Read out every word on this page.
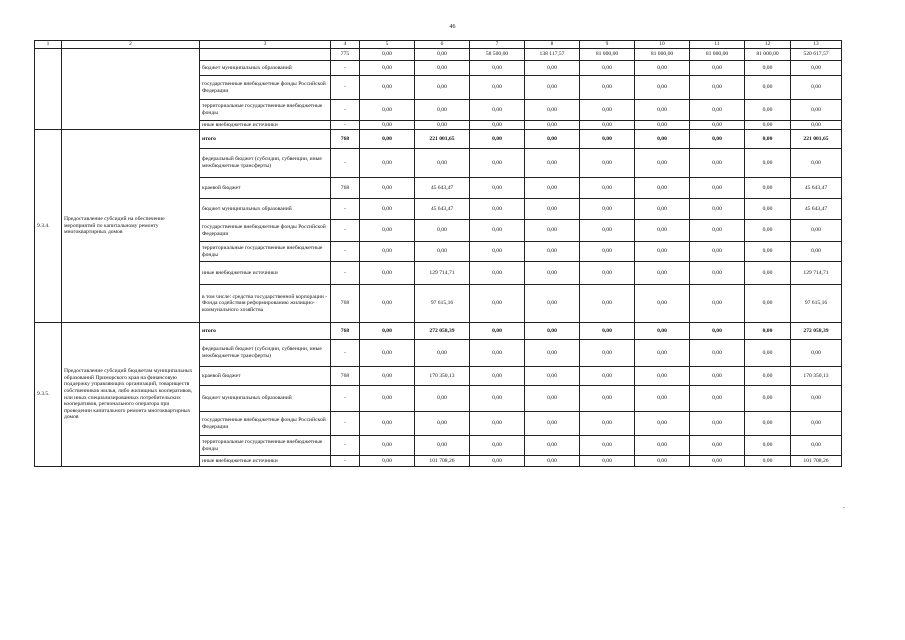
46
1	2	3	4	5	6	7	8	9	10	11	12	13
			775	0,00	0,00	58 500,00	138 117,57	81 000,00	81 000,00	81 000,00	81 000,00	520 617,57
		бюджет муниципальных образований	-	0,00	0,00	0,00	0,00	0,00	0,00	0,00	0,00	0,00
		государственные внебюджетные фонды Российской Федерации	-	0,00	0,00	0,00	0,00	0,00	0,00	0,00	0,00	0,00
		территориальные государственные внебюджетные фонды	-	0,00	0,00	0,00	0,00	0,00	0,00	0,00	0,00	0,00
		иные внебюджетные источники	-	0,00	0,00	0,00	0,00	0,00	0,00	0,00	0,00	0,00
9.3.4.	Предоставление субсидий на обеспечение мероприятий по капитальному ремонту многоквартирных домов	итого	768	0,00	221 001,65	0,00	0,00	0,00	0,00	0,00	0,00	221 001,65
		федеральный бюджет (субсидии, субвенции, иные межбюджетные трансферты)	-	0,00	0,00	0,00	0,00	0,00	0,00	0,00	0,00	0,00
		краевой бюджет	768	0,00	45 643,47	0,00	0,00	0,00	0,00	0,00	0,00	45 643,47
		бюджет муниципальных образований	-	0,00	45 643,47	0,00	0,00	0,00	0,00	0,00	0,00	45 643,47
		государственные внебюджетные фонды Российской Федерации	-	0,00	0,00	0,00	0,00	0,00	0,00	0,00	0,00	0,00
		территориальные государственные внебюджетные фонды	-	0,00	0,00	0,00	0,00	0,00	0,00	0,00	0,00	0,00
		иные внебюджетные источники	-	0,00	129 714,71	0,00	0,00	0,00	0,00	0,00	0,00	129 714,71
		в том числе: средства государственной корпорации - Фонда содействия реформированию жилищно-коммунального хозяйства	768	0,00	97 615,16	0,00	0,00	0,00	0,00	0,00	0,00	97 615,16
9.3.5.	Предоставление субсидий бюджетам муниципальных образований Приморского края на финансовую поддержку управляющих организаций, товариществ собственников жилья, либо жилищных кооперативов, или иных специализированных потребительских кооперативов, регионального оператора при проведении капитального ремонта многоквартирных домов	итого	768	0,00	272 058,39	0,00	0,00	0,00	0,00	0,00	0,00	272 058,39
		федеральный бюджет (субсидии, субвенции, иные межбюджетные трансферты)	-	0,00	0,00	0,00	0,00	0,00	0,00	0,00	0,00	0,00
		краевой бюджет	768	0,00	170 350,13	0,00	0,00	0,00	0,00	0,00	0,00	170 350,13
		бюджет муниципальных образований	-	0,00	0,00	0,00	0,00	0,00	0,00	0,00	0,00	0,00
		государственные внебюджетные фонды Российской Федерации	-	0,00	0,00	0,00	0,00	0,00	0,00	0,00	0,00	0,00
		территориальные государственные внебюджетные фонды	-	0,00	0,00	0,00	0,00	0,00	0,00	0,00	0,00	0,00
		иные внебюджетные источники	-	0,00	101 708,26	0,00	0,00	0,00	0,00	0,00	0,00	101 708,26
.
